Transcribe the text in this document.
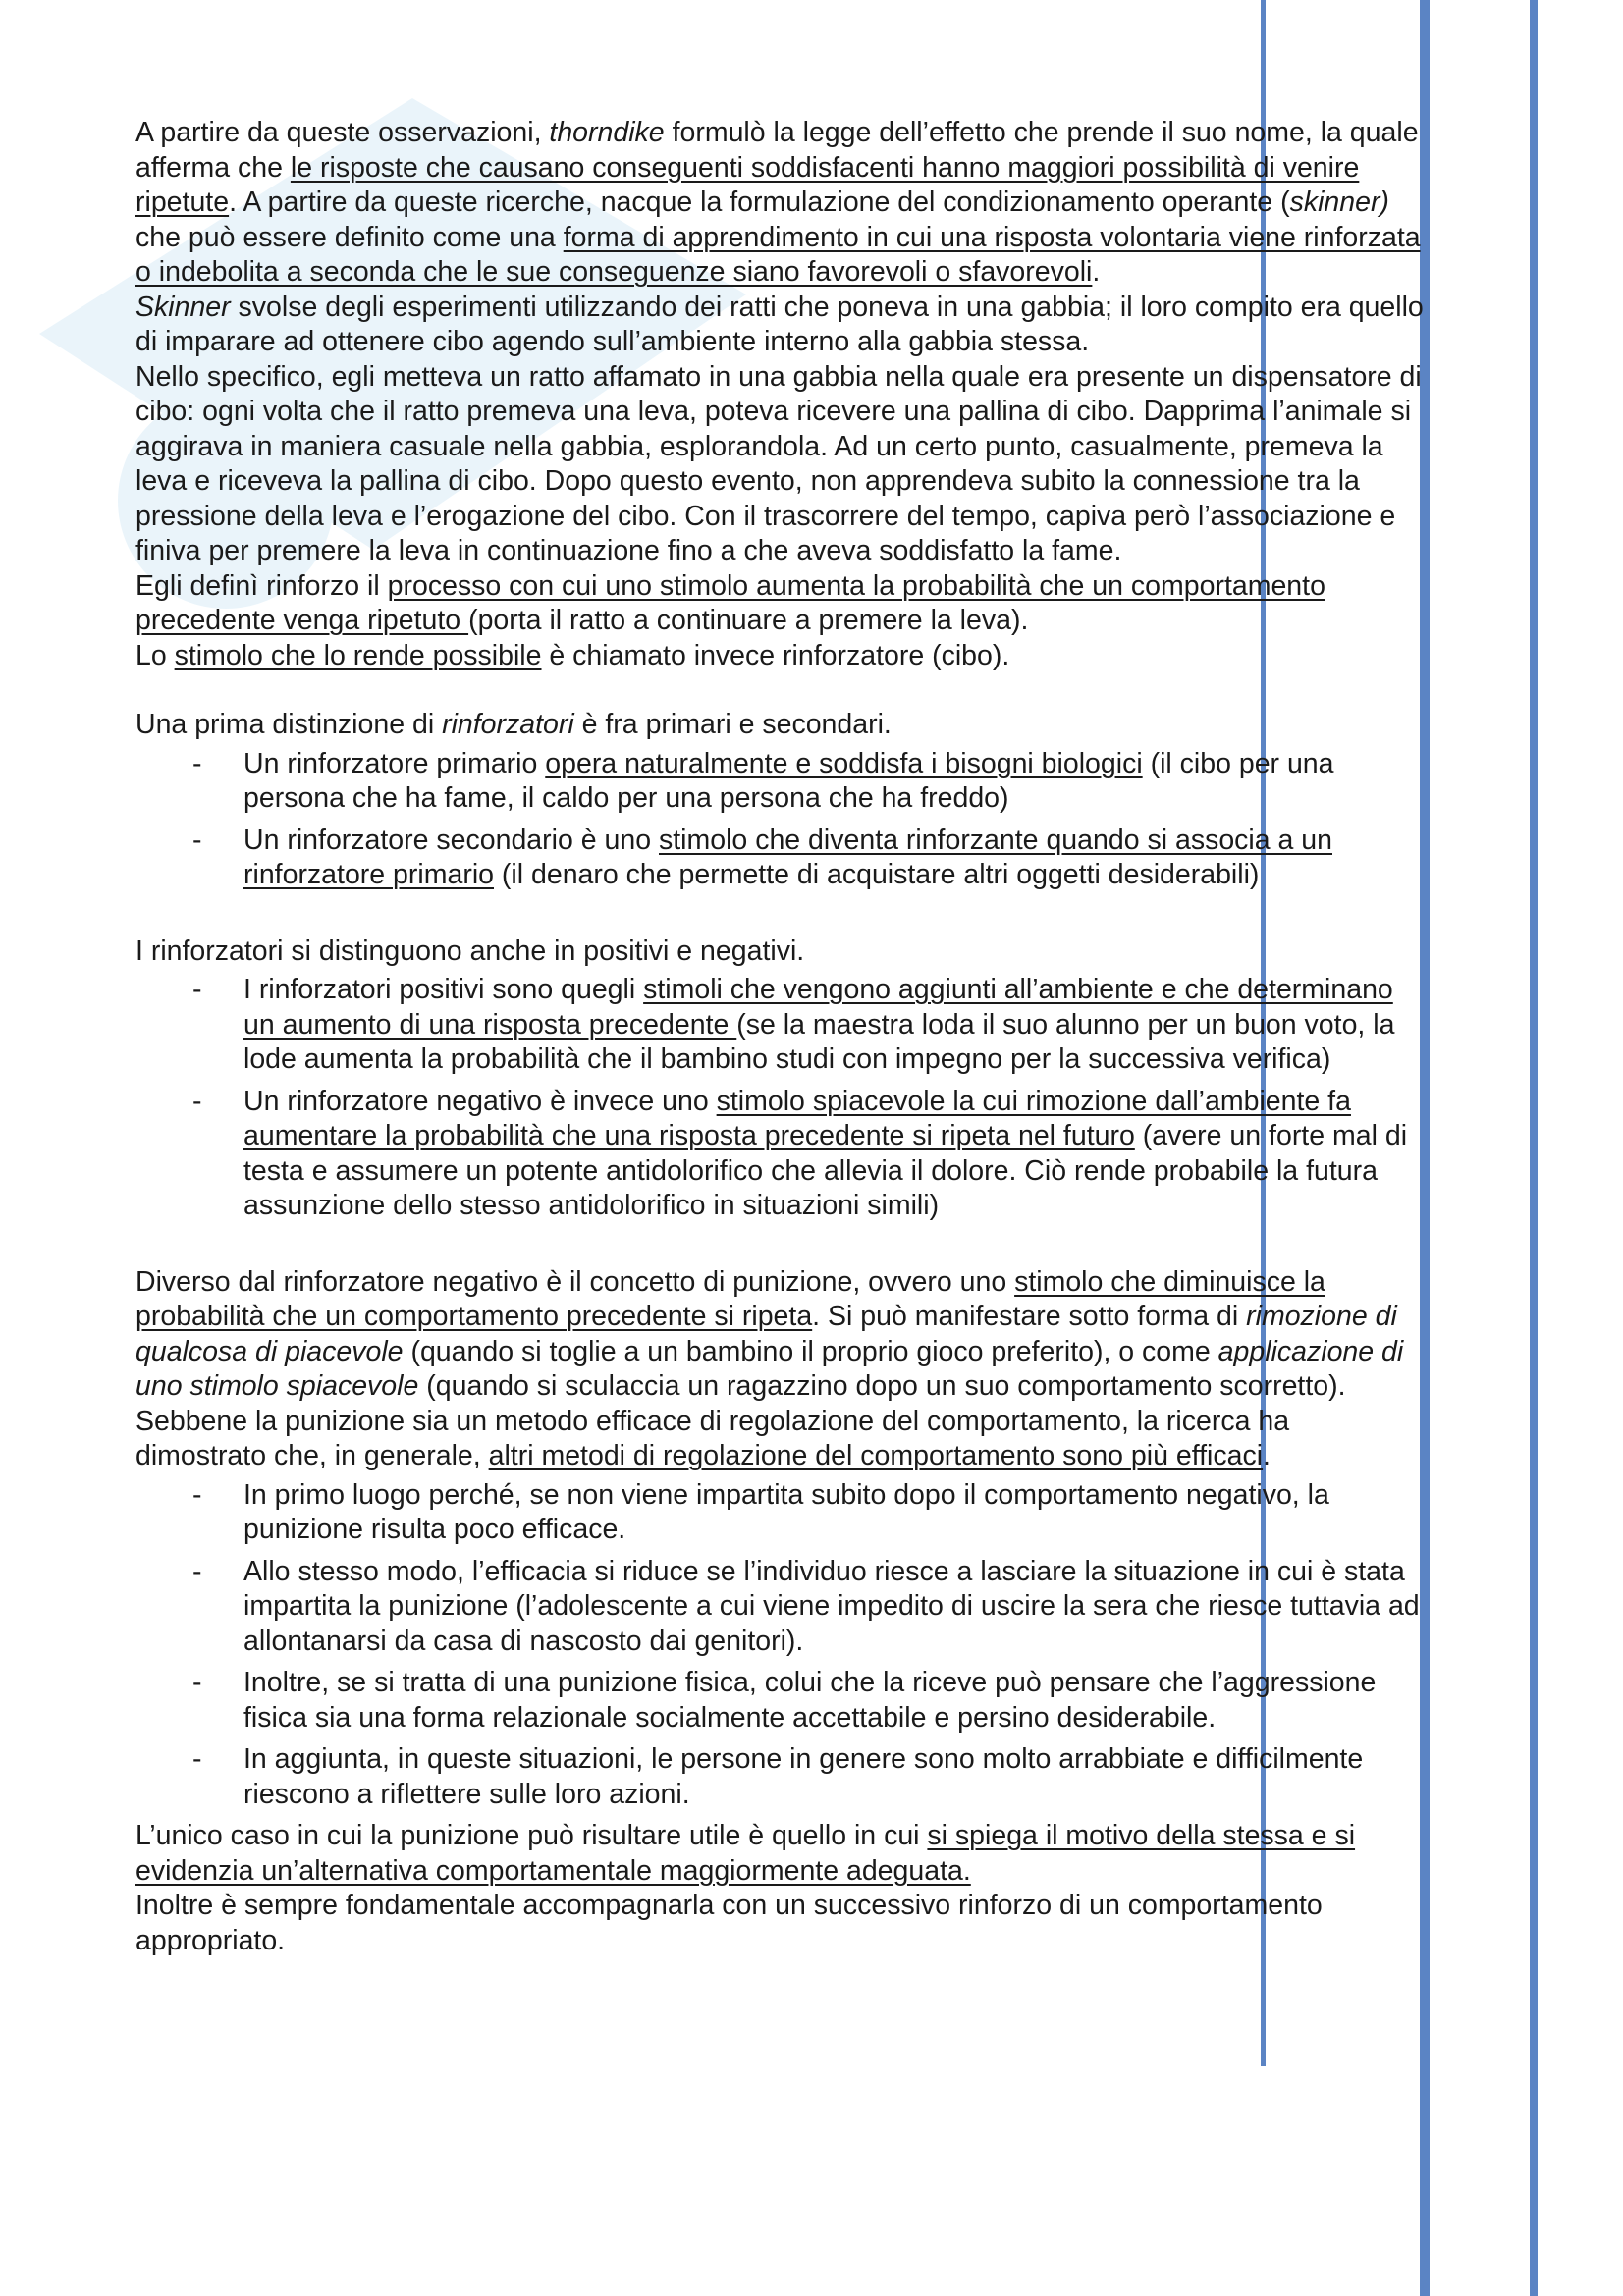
A partire da queste osservazioni, thorndike formulò la legge dell’effetto che prende il suo nome, la quale afferma che le risposte che causano conseguenti soddisfacenti hanno maggiori possibilità di venire ripetute. A partire da queste ricerche, nacque la formulazione del condizionamento operante (skinner) che può essere definito come una forma di apprendimento in cui una risposta volontaria viene rinforzata o indebolita a seconda che le sue conseguenze siano favorevoli o sfavorevoli.

Skinner svolse degli esperimenti utilizzando dei ratti che poneva in una gabbia; il loro compito era quello di imparare ad ottenere cibo agendo sull’ambiente interno alla gabbia stessa.

Nello specifico, egli metteva un ratto affamato in una gabbia nella quale era presente un dispensatore di cibo: ogni volta che il ratto premeva una leva, poteva ricevere una pallina di cibo. Dapprima l’animale si aggirava in maniera casuale nella gabbia, esplorandola. Ad un certo punto, casualmente, premeva la leva e riceveva la pallina di cibo. Dopo questo evento, non apprendeva subito la connessione tra la pressione della leva e l’erogazione del cibo. Con il trascorrere del tempo, capiva però l’associazione e finiva per premere la leva in continuazione fino a che aveva soddisfatto la fame.

Egli definì rinforzo il processo con cui uno stimolo aumenta la probabilità che un comportamento precedente venga ripetuto (porta il ratto a continuare a premere la leva).

Lo stimolo che lo rende possibile è chiamato invece rinforzatore (cibo).

Una prima distinzione di rinforzatori è fra primari e secondari.

- Un rinforzatore primario opera naturalmente e soddisfa i bisogni biologici (il cibo per una persona che ha fame, il caldo per una persona che ha freddo)
- Un rinforzatore secondario è uno stimolo che diventa rinforzante quando si associa a un rinforzatore primario (il denaro che permette di acquistare altri oggetti desiderabili)

I rinforzatori si distinguono anche in positivi e negativi.

- I rinforzatori positivi sono quegli stimoli che vengono aggiunti all’ambiente e che determinano un aumento di una risposta precedente (se la maestra loda il suo alunno per un buon voto, la lode aumenta la probabilità che il bambino studi con impegno per la successiva verifica)
- Un rinforzatore negativo è invece uno stimolo spiacevole la cui rimozione dall’ambiente fa aumentare la probabilità che una risposta precedente si ripeta nel futuro (avere un forte mal di testa e assumere un potente antidolorifico che allevia il dolore. Ciò rende probabile la futura assunzione dello stesso antidolorifico in situazioni simili)

Diverso dal rinforzatore negativo è il concetto di punizione, ovvero uno stimolo che diminuisce la probabilità che un comportamento precedente si ripeta. Si può manifestare sotto forma di rimozione di qualcosa di piacevole (quando si toglie a un bambino il proprio gioco preferito), o come applicazione di uno stimolo spiacevole (quando si sculaccia un ragazzino dopo un suo comportamento scorretto).

Sebbene la punizione sia un metodo efficace di regolazione del comportamento, la ricerca ha dimostrato che, in generale, altri metodi di regolazione del comportamento sono più efficaci.

- In primo luogo perché, se non viene impartita subito dopo il comportamento negativo, la punizione risulta poco efficace.
- Allo stesso modo, l’efficacia si riduce se l’individuo riesce a lasciare la situazione in cui è stata impartita la punizione (l’adolescente a cui viene impedito di uscire la sera che riesce tuttavia ad allontanarsi da casa di nascosto dai genitori).
- Inoltre, se si tratta di una punizione fisica, colui che la riceve può pensare che l’aggressione fisica sia una forma relazionale socialmente accettabile e persino desiderabile.
- In aggiunta, in queste situazioni, le persone in genere sono molto arrabbiate e difficilmente riescono a riflettere sulle loro azioni.

L’unico caso in cui la punizione può risultare utile è quello in cui si spiega il motivo della stessa e si evidenzia un’alternativa comportamentale maggiormente adeguata.

Inoltre è sempre fondamentale accompagnarla con un successivo rinforzo di un comportamento appropriato.
